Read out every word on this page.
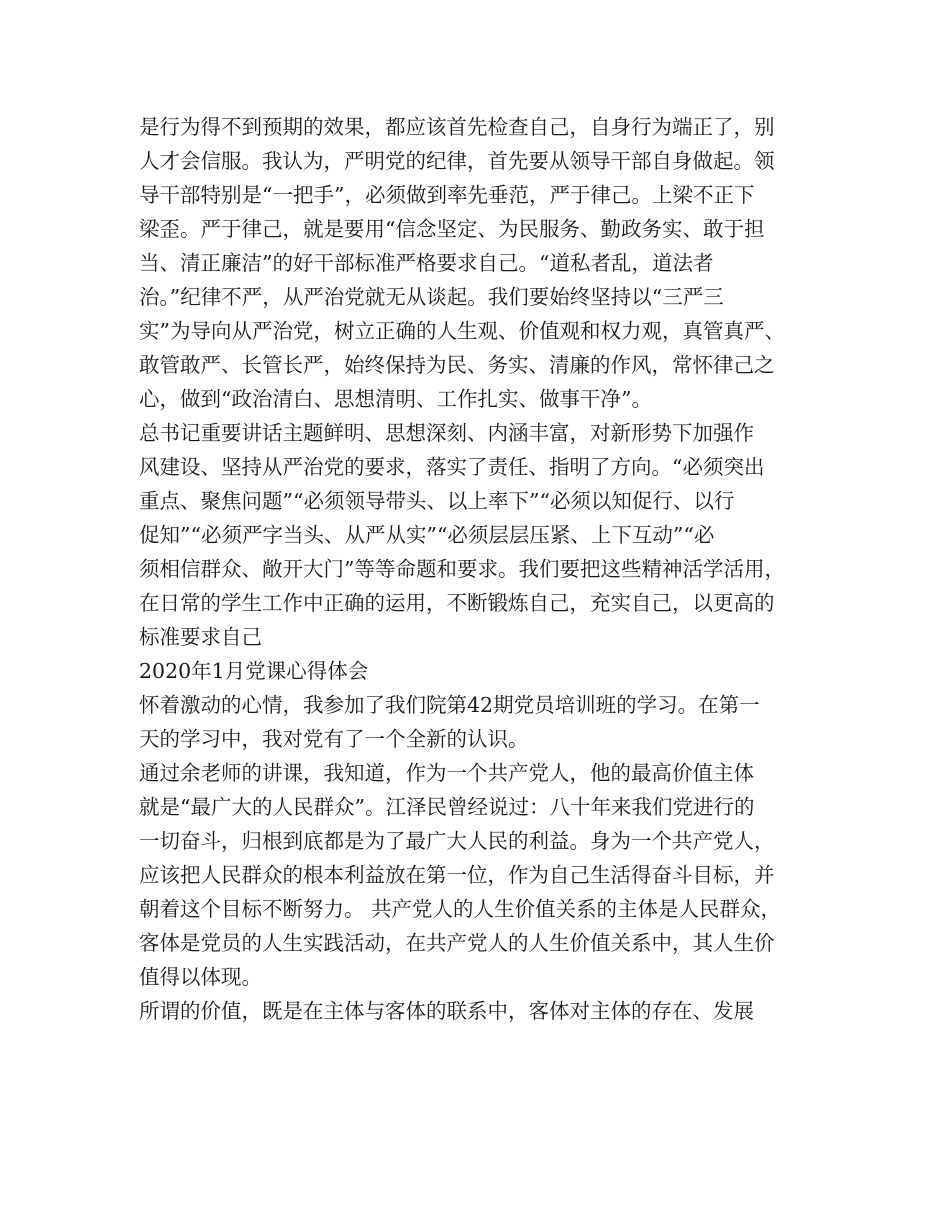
是行为得不到预期的效果，都应该首先检查自己，自身行为端正了，别
人才会信服。我认为，严明党的纪律，首先要从领导干部自身做起。领
导干部特别是“一把手”，必须做到率先垂范，严于律己。上梁不正下
梁歪。严于律己，就是要用“信念坚定、为民服务、勤政务实、敢于担
当、清正廉洁”的好干部标准严格要求自己。“道私者乱，道法者
治。”纪律不严，从严治党就无从谈起。我们要始终坚持以“三严三
实”为导向从严治党，树立正确的人生观、价值观和权力观，真管真严、
敢管敢严、长管长严，始终保持为民、务实、清廉的作风，常怀律己之
心，做到“政治清白、思想清明、工作扎实、做事干净”。
总书记重要讲话主题鲜明、思想深刻、内涵丰富，对新形势下加强作
风建设、坚持从严治党的要求，落实了责任、指明了方向。“必须突出
重点、聚焦问题”“必须领导带头、以上率下”“必须以知促行、以行
促知”“必须严字当头、从严从实”“必须层层压紧、上下互动”“必
须相信群众、敞开大门”等等命题和要求。我们要把这些精神活学活用，
在日常的学生工作中正确的运用，不断锻炼自己，充实自己，以更高的
标准要求自己
2020年1月党课心得体会
怀着激动的心情，我参加了我们院第42期党员培训班的学习。在第一
天的学习中，我对党有了一个全新的认识。
通过余老师的讲课，我知道，作为一个共产党人，他的最高价值主体
就是“最广大的人民群众”。江泽民曾经说过：八十年来我们党进行的
一切奋斗，归根到底都是为了最广大人民的利益。身为一个共产党人，
应该把人民群众的根本利益放在第一位，作为自己生活得奋斗目标，并
朝着这个目标不断努力。 共产党人的人生价值关系的主体是人民群众，
客体是党员的人生实践活动，在共产党人的人生价值关系中，其人生价
值得以体现。
所谓的价值，既是在主体与客体的联系中，客体对主体的存在、发展
